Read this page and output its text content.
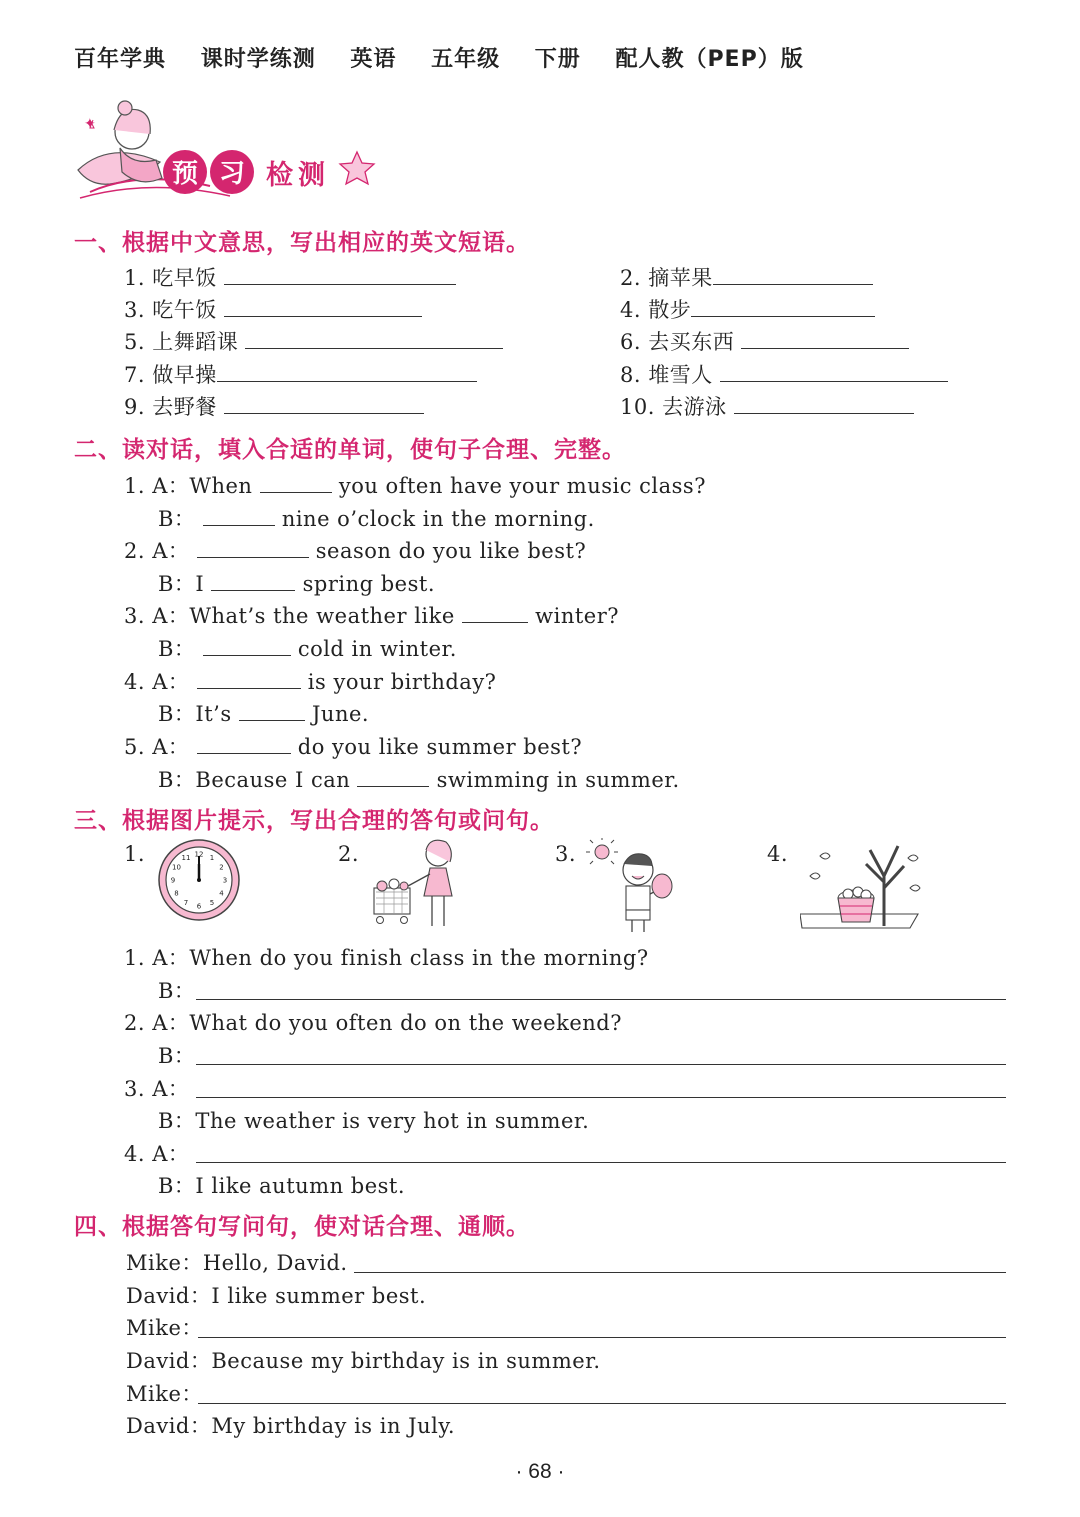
百年学典 课时学练测 英语 五年级 下册 配人教（PEP）版
✦
预 习 检 测
一、根据中文意思，写出相应的英文短语。
1. 吃早饭	2. 摘苹果
3. 吃午饭	4. 散步
5. 上舞蹈课	6. 去买东西
7. 做早操	8. 堆雪人
9. 去野餐	10. 去游泳
二、读对话，填入合适的单词，使句子合理、完整。
1. A：When	you often have your music class?
B：	nine o’clock in the morning.
2. A：	season do you like best?
B：I	spring best.
3. A：What’s the weather like	winter?
B：	cold in winter.
4. A：	is your birthday?
B：It’s	June.
5. A：	do you like summer best?
B：Because I can	swimming in summer.
三、根据图片提示，写出合理的答句或问句。
1.	2.	3.	4.
12 1
2
3
4
5
6
7
8
9
10
11
1. A：When do you finish class in the morning?
B：
2. A：What do you often do on the weekend?
B：
3. A：
B：The weather is very hot in summer.
4. A：
B：I like autumn best.
四、根据答句写问句，使对话合理、通顺。
Mike：Hello, David.
David：I like summer best.
Mike：
David：Because my birthday is in summer.
Mike：
David：My birthday is in July.
· 68 ·
